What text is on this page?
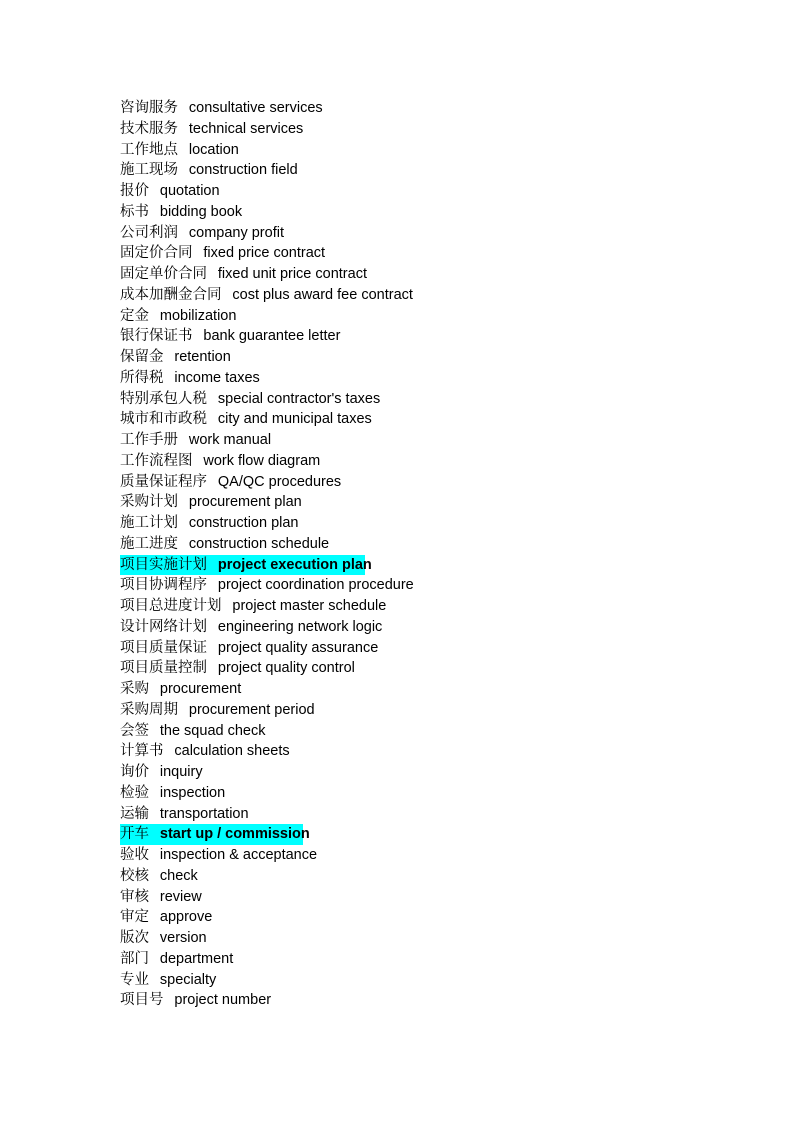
咨询服务 consultative services
技术服务 technical services
工作地点 location
施工现场 construction field
报价 quotation
标书 bidding book
公司利润 company profit
固定价合同 fixed price contract
固定单价合同 fixed unit price contract
成本加酬金合同 cost plus award fee contract
定金 mobilization
银行保证书 bank guarantee letter
保留金 retention
所得税 income taxes
特别承包人税 special contractor's taxes
城市和市政税 city and municipal taxes
工作手册 work manual
工作流程图 work flow diagram
质量保证程序 QA/QC procedures
采购计划 procurement plan
施工计划 construction plan
施工进度 construction schedule
项目实施计划 project execution plan
项目协调程序 project coordination procedure
项目总进度计划 project master schedule
设计网络计划 engineering network logic
项目质量保证 project quality assurance
项目质量控制 project quality control
采购 procurement
采购周期 procurement period
会签 the squad check
计算书 calculation sheets
询价 inquiry
检验 inspection
运输 transportation
开车 start up / commission
验收 inspection & acceptance
校核 check
审核 review
审定 approve
版次 version
部门 department
专业 specialty
项目号 project number
